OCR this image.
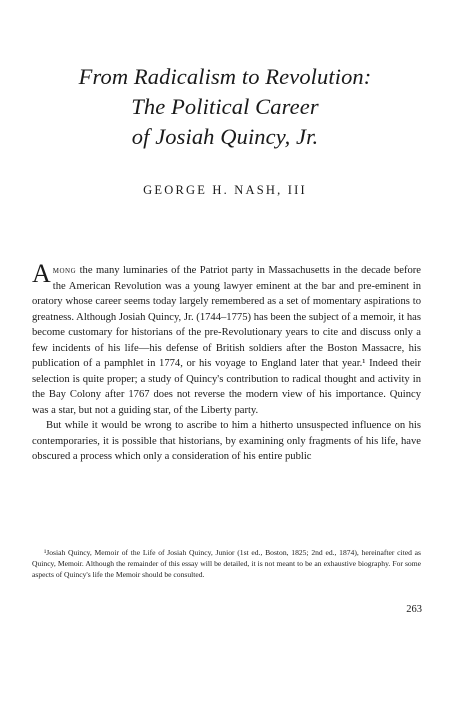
From Radicalism to Revolution:
The Political Career
of Josiah Quincy, Jr.
GEORGE H. NASH, III

Among the many luminaries of the Patriot party in Massachusetts in the decade before the American Revolution was a young lawyer eminent at the bar and pre-eminent in oratory whose career seems today largely remembered as a set of momentary aspirations to greatness. Although Josiah Quincy, Jr. (1744–1775) has been the subject of a memoir, it has become customary for historians of the pre-Revolutionary years to cite and discuss only a few incidents of his life—his defense of British soldiers after the Boston Massacre, his publication of a pamphlet in 1774, or his voyage to England later that year.¹ Indeed their selection is quite proper; a study of Quincy's contribution to radical thought and activity in the Bay Colony after 1767 does not reverse the modern view of his importance. Quincy was a star, but not a guiding star, of the Liberty party.

But while it would be wrong to ascribe to him a hitherto unsuspected influence on his contemporaries, it is possible that historians, by examining only fragments of his life, have obscured a process which only a consideration of his entire public

¹Josiah Quincy, Memoir of the Life of Josiah Quincy, Junior (1st ed., Boston, 1825; 2nd ed., 1874), hereinafter cited as Quincy, Memoir. Although the remainder of this essay will be detailed, it is not meant to be an exhaustive biography. For some aspects of Quincy's life the Memoir should be consulted.
263
